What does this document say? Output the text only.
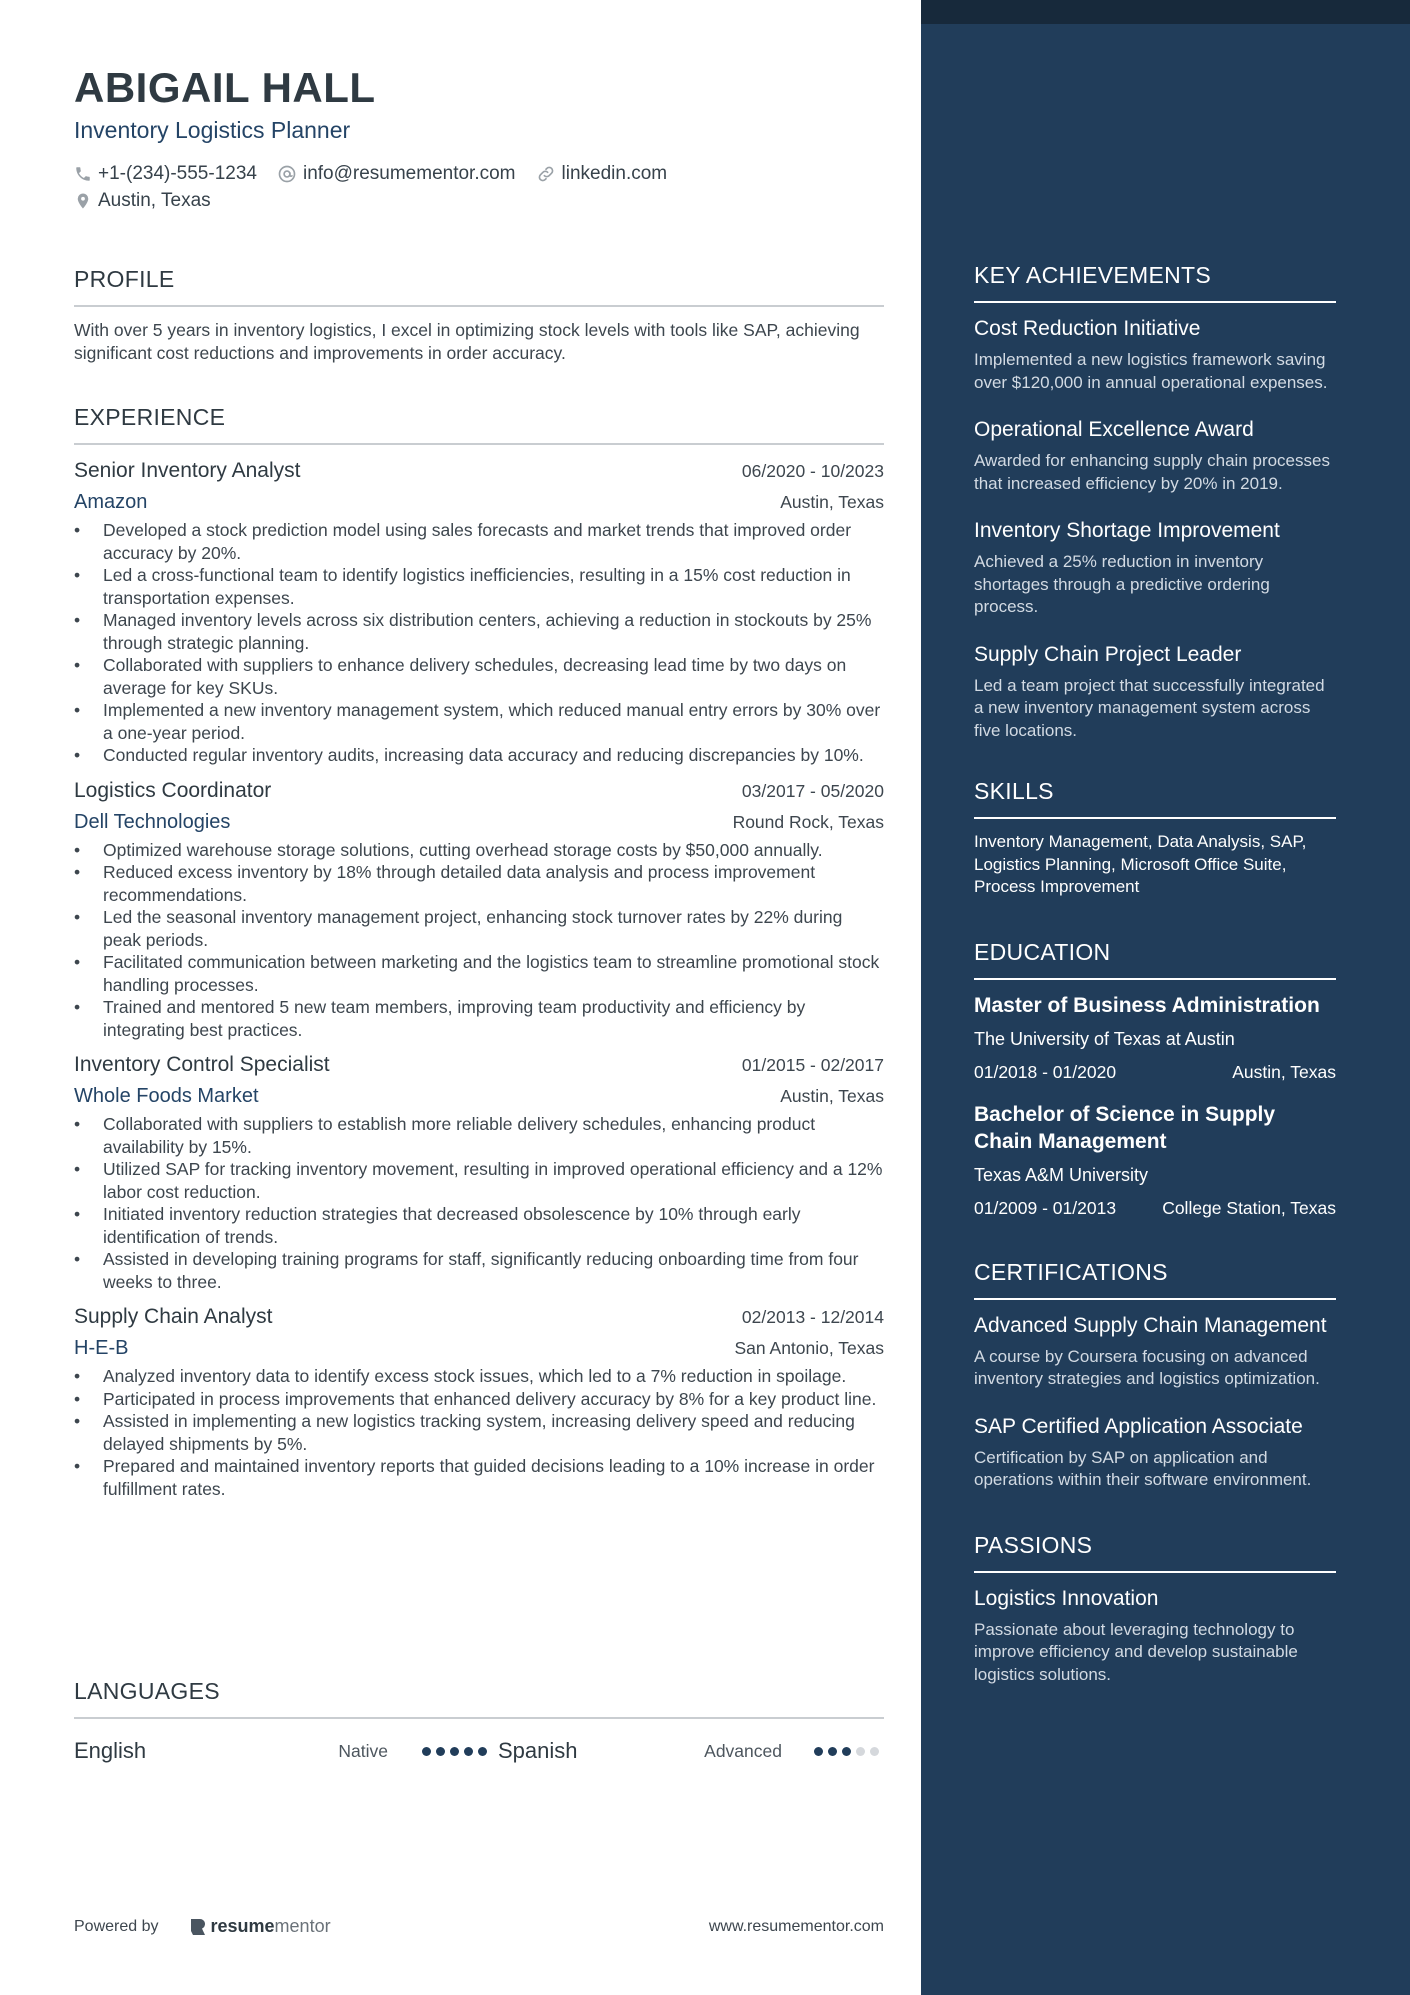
ABIGAIL HALL
Inventory Logistics Planner
+1-(234)-555-1234 info@resumementor.com linkedin.com
Austin, Texas
PROFILE
With over 5 years in inventory logistics, I excel in optimizing stock levels with tools like SAP, achieving significant cost reductions and improvements in order accuracy.
EXPERIENCE
Senior Inventory Analyst	06/2020 - 10/2023
Amazon	Austin, Texas
• Developed a stock prediction model using sales forecasts and market trends that improved order accuracy by 20%.
• Led a cross-functional team to identify logistics inefficiencies, resulting in a 15% cost reduction in transportation expenses.
• Managed inventory levels across six distribution centers, achieving a reduction in stockouts by 25% through strategic planning.
• Collaborated with suppliers to enhance delivery schedules, decreasing lead time by two days on average for key SKUs.
• Implemented a new inventory management system, which reduced manual entry errors by 30% over a one-year period.
• Conducted regular inventory audits, increasing data accuracy and reducing discrepancies by 10%.
Logistics Coordinator	03/2017 - 05/2020
Dell Technologies	Round Rock, Texas
• Optimized warehouse storage solutions, cutting overhead storage costs by $50,000 annually.
• Reduced excess inventory by 18% through detailed data analysis and process improvement recommendations.
• Led the seasonal inventory management project, enhancing stock turnover rates by 22% during peak periods.
• Facilitated communication between marketing and the logistics team to streamline promotional stock handling processes.
• Trained and mentored 5 new team members, improving team productivity and efficiency by integrating best practices.
Inventory Control Specialist	01/2015 - 02/2017
Whole Foods Market	Austin, Texas
• Collaborated with suppliers to establish more reliable delivery schedules, enhancing product availability by 15%.
• Utilized SAP for tracking inventory movement, resulting in improved operational efficiency and a 12% labor cost reduction.
• Initiated inventory reduction strategies that decreased obsolescence by 10% through early identification of trends.
• Assisted in developing training programs for staff, significantly reducing onboarding time from four weeks to three.
Supply Chain Analyst	02/2013 - 12/2014
H-E-B	San Antonio, Texas
• Analyzed inventory data to identify excess stock issues, which led to a 7% reduction in spoilage.
• Participated in process improvements that enhanced delivery accuracy by 8% for a key product line.
• Assisted in implementing a new logistics tracking system, increasing delivery speed and reducing delayed shipments by 5%.
• Prepared and maintained inventory reports that guided decisions leading to a 10% increase in order fulfillment rates.
LANGUAGES
English	Native	Spanish	Advanced
Powered by	resume mentor	www.resumementor.com
KEY ACHIEVEMENTS
Cost Reduction Initiative
Implemented a new logistics framework saving over $120,000 in annual operational expenses.
Operational Excellence Award
Awarded for enhancing supply chain processes that increased efficiency by 20% in 2019.
Inventory Shortage Improvement
Achieved a 25% reduction in inventory shortages through a predictive ordering process.
Supply Chain Project Leader
Led a team project that successfully integrated a new inventory management system across five locations.
SKILLS
Inventory Management, Data Analysis, SAP, Logistics Planning, Microsoft Office Suite, Process Improvement
EDUCATION
Master of Business Administration
The University of Texas at Austin
01/2018 - 01/2020	Austin, Texas
Bachelor of Science in Supply Chain Management
Texas A&M University
01/2009 - 01/2013	College Station, Texas
CERTIFICATIONS
Advanced Supply Chain Management
A course by Coursera focusing on advanced inventory strategies and logistics optimization.
SAP Certified Application Associate
Certification by SAP on application and operations within their software environment.
PASSIONS
Logistics Innovation
Passionate about leveraging technology to improve efficiency and develop sustainable logistics solutions.
